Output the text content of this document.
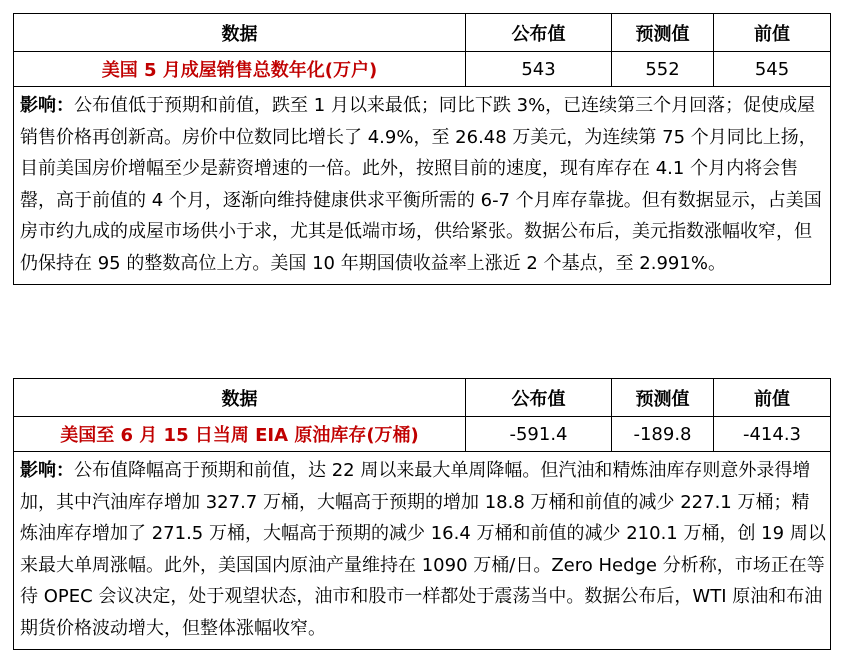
数据	公布值	预测值	前值
美国 5 月成屋销售总数年化(万户)	543	552	545
影响：公布值低于预期和前值，跌至 1 月以来最低；同比下跌 3%，已连续第三个月回落；促使成屋销售价格再创新高。房价中位数同比增长了 4.9%，至 26.48 万美元，为连续第 75 个月同比上扬，目前美国房价增幅至少是薪资增速的一倍。此外，按照目前的速度，现有库存在 4.1 个月内将会售罄，高于前值的 4 个月，逐渐向维持健康供求平衡所需的 6-7 个月库存靠拢。但有数据显示，占美国房市约九成的成屋市场供小于求，尤其是低端市场，供给紧张。数据公布后，美元指数涨幅收窄，但仍保持在 95 的整数高位上方。美国 10 年期国债收益率上涨近 2 个基点，至 2.991%。			
数据	公布值	预测值	前值
美国至 6 月 15 日当周 EIA 原油库存(万桶)	-591.4	-189.8	-414.3
影响：公布值降幅高于预期和前值，达 22 周以来最大单周降幅。但汽油和精炼油库存则意外录得增加，其中汽油库存增加 327.7 万桶，大幅高于预期的增加 18.8 万桶和前值的减少 227.1 万桶；精炼油库存增加了 271.5 万桶，大幅高于预期的减少 16.4 万桶和前值的减少 210.1 万桶，创 19 周以来最大单周涨幅。此外，美国国内原油产量维持在 1090 万桶/日。Zero Hedge 分析称，市场正在等待 OPEC 会议决定，处于观望状态，油市和股市一样都处于震荡当中。数据公布后，WTI 原油和布油期货价格波动增大，但整体涨幅收窄。			
